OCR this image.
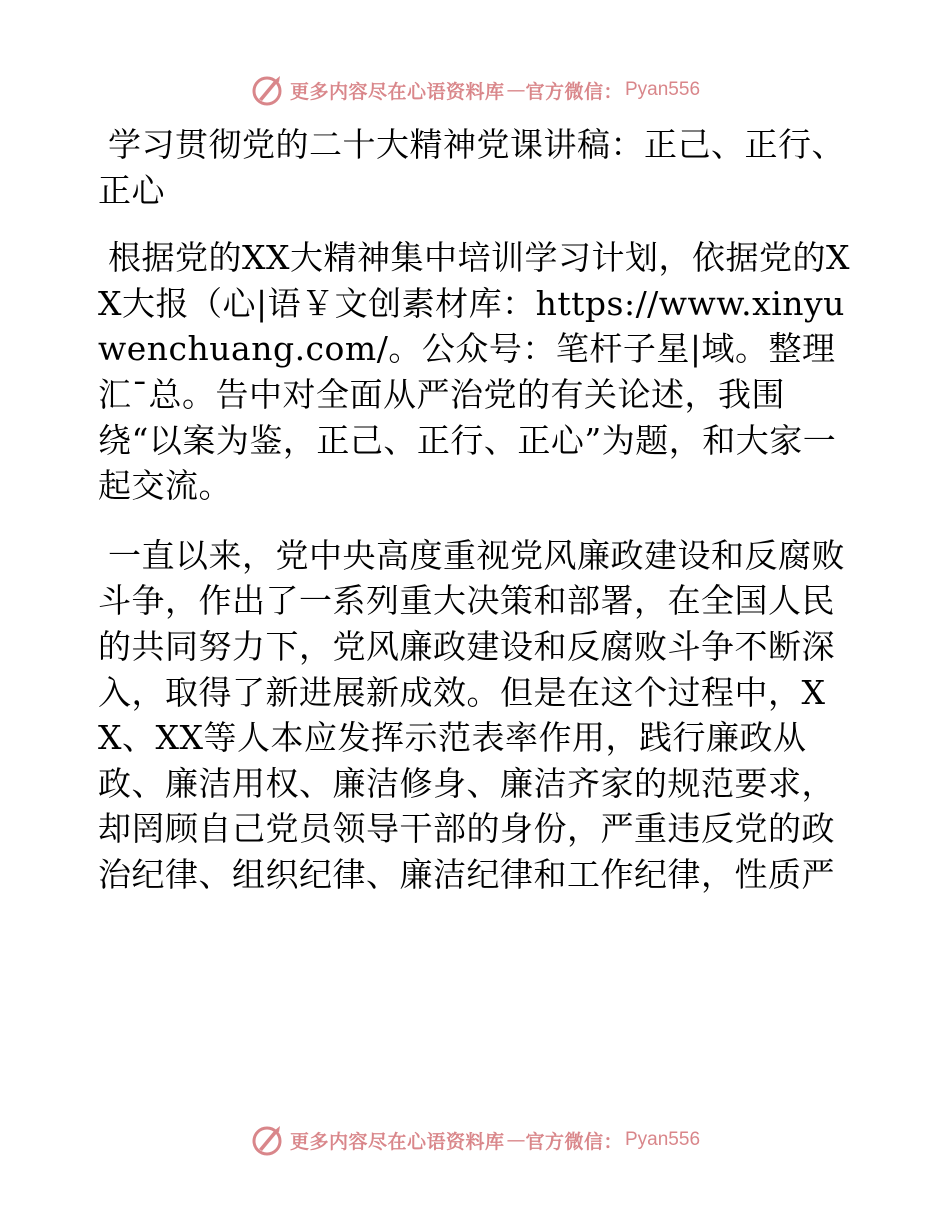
更多内容尽在心语资料库 — 官方微信： Pyan556

学习贯彻党的二十大精神党课讲稿：正己、正行、正心

根据党的XX大精神集中培训学习计划，依据党的XX大报（心|语￥文创素材库：https://www.xinyuwenchuang.com/。公众号：笔杆子星|域。整理汇¯总。告中对全面从严治党的有关论述，我围绕“以案为鉴，正己、正行、正心”为题，和大家一起交流。

一直以来，党中央高度重视党风廉政建设和反腐败斗争，作出了一系列重大决策和部署，在全国人民的共同努力下，党风廉政建设和反腐败斗争不断深入，取得了新进展新成效。但是在这个过程中，XX、XX等人本应发挥示范表率作用，践行廉政从政、廉洁用权、廉洁修身、廉洁齐家的规范要求，却罔顾自己党员领导干部的身份，严重违反党的政治纪律、组织纪律、廉洁纪律和工作纪律，性质严

更多内容尽在心语资料库 — 官方微信： Pyan556
